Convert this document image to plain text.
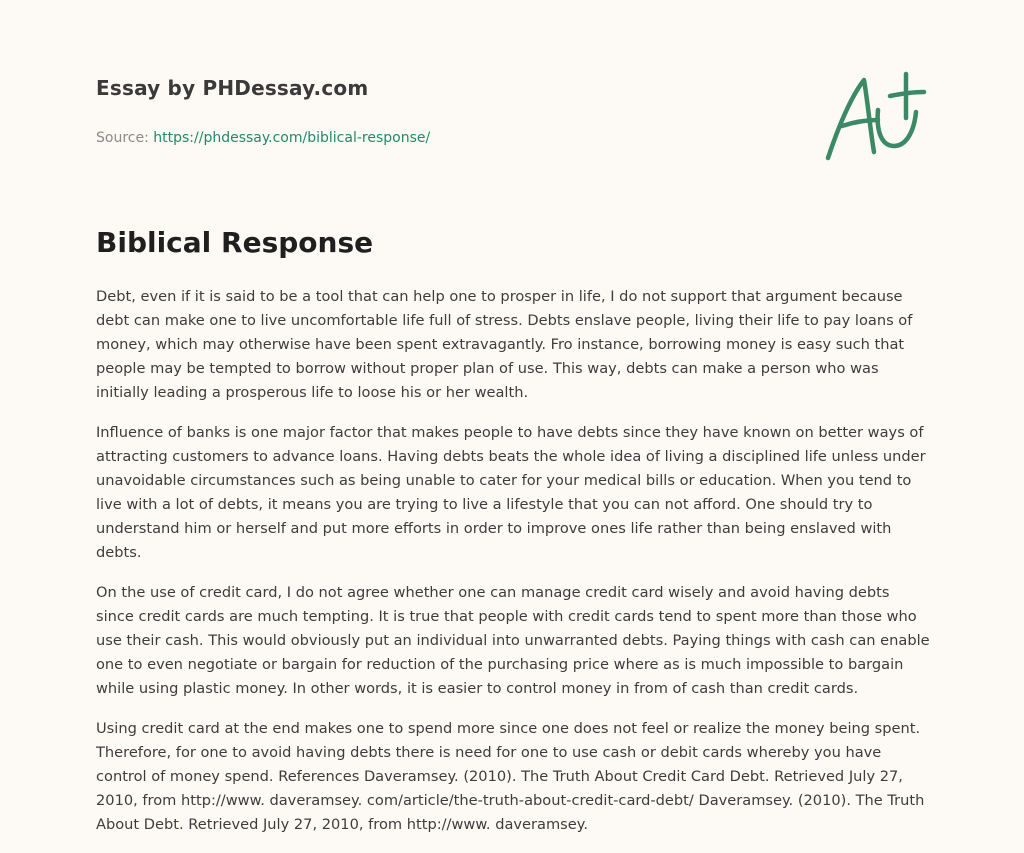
Essay by PHDessay.com
Source: https://phdessay.com/biblical-response/
Biblical Response

Debt, even if it is said to be a tool that can help one to prosper in life, I do not support that argument because debt can make one to live uncomfortable life full of stress. Debts enslave people, living their life to pay loans of money, which may otherwise have been spent extravagantly. Fro instance, borrowing money is easy such that people may be tempted to borrow without proper plan of use. This way, debts can make a person who was initially leading a prosperous life to loose his or her wealth.

Influence of banks is one major factor that makes people to have debts since they have known on better ways of attracting customers to advance loans. Having debts beats the whole idea of living a disciplined life unless under unavoidable circumstances such as being unable to cater for your medical bills or education. When you tend to live with a lot of debts, it means you are trying to live a lifestyle that you can not afford. One should try to understand him or herself and put more efforts in order to improve ones life rather than being enslaved with debts.

On the use of credit card, I do not agree whether one can manage credit card wisely and avoid having debts since credit cards are much tempting. It is true that people with credit cards tend to spent more than those who use their cash. This would obviously put an individual into unwarranted debts. Paying things with cash can enable one to even negotiate or bargain for reduction of the purchasing price where as is much impossible to bargain while using plastic money. In other words, it is easier to control money in from of cash than credit cards.

Using credit card at the end makes one to spend more since one does not feel or realize the money being spent. Therefore, for one to avoid having debts there is need for one to use cash or debit cards whereby you have control of money spend. References Daveramsey. (2010). The Truth About Credit Card Debt. Retrieved July 27, 2010, from http://www. daveramsey. com/article/the-truth-about-credit-card-debt/ Daveramsey. (2010). The Truth About Debt. Retrieved July 27, 2010, from http://www. daveramsey.
